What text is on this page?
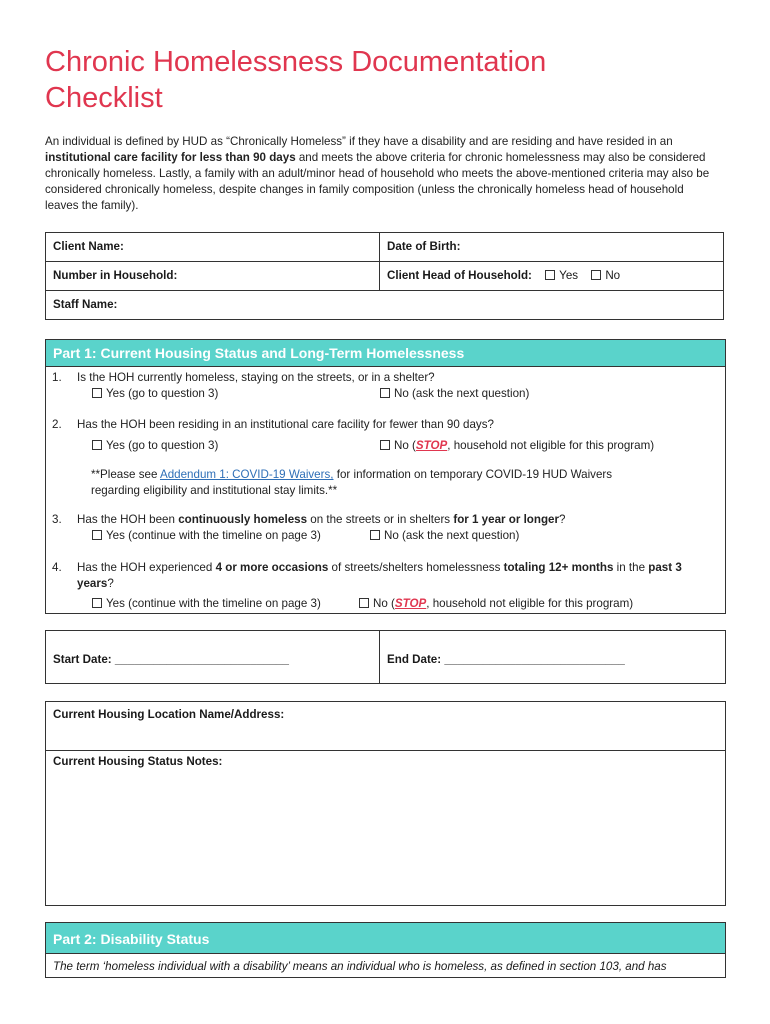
Chronic Homelessness Documentation
Checklist
An individual is defined by HUD as “Chronically Homeless” if they have a disability and are residing and have resided in an institutional care facility for less than 90 days and meets the above criteria for chronic homelessness may also be considered chronically homeless. Lastly, a family with an adult/minor head of household who meets the above-mentioned criteria may also be considered chronically homeless, despite changes in family composition (unless the chronically homeless head of household leaves the family).
Client Name:	Date of Birth:
Number in Household:	Client Head of Household: Yes No
Staff Name:
Part 1: Current Housing Status and Long-Term Homelessness
1. Is the HOH currently homeless, staying on the streets, or in a shelter?
Yes (go to question 3)	No (ask the next question)
2. Has the HOH been residing in an institutional care facility for fewer than 90 days?
Yes (go to question 3)	No (STOP, household not eligible for this program)
**Please see Addendum 1: COVID-19 Waivers, for information on temporary COVID-19 HUD Waivers
regarding eligibility and institutional stay limits.**
3. Has the HOH been continuously homeless on the streets or in shelters for 1 year or longer?
Yes (continue with the timeline on page 3)	No (ask the next question)
4. Has the HOH experienced 4 or more occasions of streets/shelters homelessness totaling 12+ months in the past 3 years?
Yes (continue with the timeline on page 3)	No (STOP, household not eligible for this program)
Start Date: ___________________________	End Date: ____________________________
Current Housing Location Name/Address:
Current Housing Status Notes:
Part 2: Disability Status
The term ‘homeless individual with a disability’ means an individual who is homeless, as defined in section 103, and has
